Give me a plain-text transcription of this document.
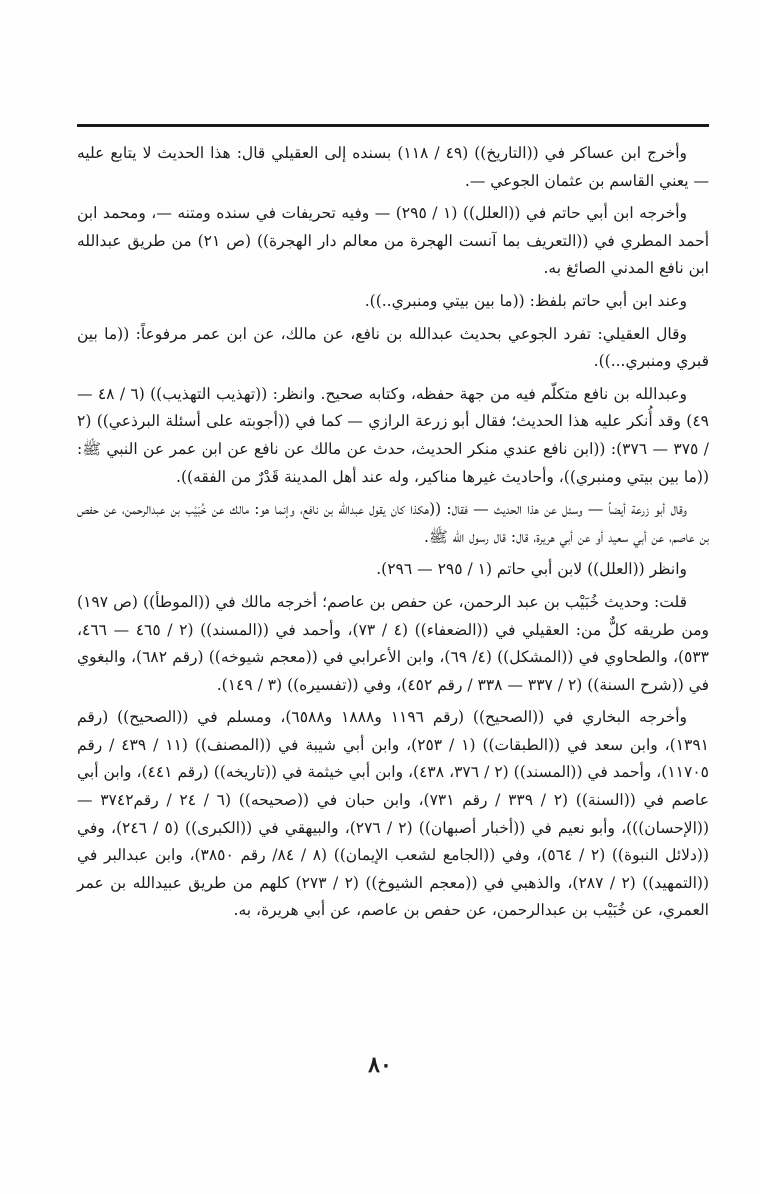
وأخرج ابن عساكر في ((التاريخ)) (٤٩ / ١١٨) بسنده إلى العقيلي قال: هذا الحديث لا يتابع عليه — يعني القاسم بن عثمان الجوعي —.

وأخرجه ابن أبي حاتم في ((العلل)) (١ / ٢٩٥) — وفيه تحريفات في سنده ومتنه —، ومحمد ابن أحمد المطري في ((التعريف بما آنست الهجرة من معالم دار الهجرة)) (ص ٢١) من طريق عبدالله ابن نافع المدني الصائغ به.

وعند ابن أبي حاتم بلفظ: ((ما بين بيتي ومنبري..)).

وقال العقيلي: تفرد الجوعي بحديث عبدالله بن نافع، عن مالك، عن ابن عمر مرفوعاً: ((ما بين قبري ومنبري...)).

وعبدالله بن نافع متكلّم فيه من جهة حفظه، وكتابه صحيح. وانظر: ((تهذيب التهذيب)) (٦ / ٤٨ — ٤٩) وقد أُنكر عليه هذا الحديث؛ فقال أبو زرعة الرازي — كما في ((أجوبته على أسئلة البرذعي)) (٢ / ٣٧٥ — ٣٧٦): ((ابن نافع عندي منكر الحديث، حدث عن مالك عن نافع عن ابن عمر عن النبي ﷺ: ((ما بين بيتي ومنبري))، وأحاديث غيرها مناكير، وله عند أهل المدينة قَدْرٌ من الفقه)).

وقال أبو زرعة أيضاً — وسئل عن هذا الحديث — فقال: ((هكذا كان يقول عبدالله بن نافع، وإنما هو: مالك عن خُبَيْب بن عبدالرحمن، عن حفص بن عاصم، عن أبي سعيد أو عن أبي هريرة، قال: قال رسول الله ﷺ.

وانظر ((العلل)) لابن أبي حاتم (١ / ٢٩٥ — ٢٩٦).

قلت: وحديث خُبَيْب بن عبد الرحمن، عن حفص بن عاصم؛ أخرجه مالك في ((الموطأ)) (ص ١٩٧) ومن طريقه كلٌّ من: العقيلي في ((الضعفاء)) (٤ / ٧٣)، وأحمد في ((المسند)) (٢ / ٤٦٥ — ٤٦٦، ٥٣٣)، والطحاوي في ((المشكل)) (٤/ ٦٩)، وابن الأعرابي في ((معجم شيوخه)) (رقم ٦٨٢)، والبغوي في ((شرح السنة)) (٢ / ٣٣٧ — ٣٣٨ / رقم ٤٥٢)، وفي ((تفسيره)) (٣ / ١٤٩).

وأخرجه البخاري في ((الصحيح)) (رقم ١١٩٦ و١٨٨٨ و٦٥٨٨)، ومسلم في ((الصحيح)) (رقم ١٣٩١)، وابن سعد في ((الطبقات)) (١ / ٢٥٣)، وابن أبي شيبة في ((المصنف)) (١١ / ٤٣٩ / رقم ١١٧٠٥)، وأحمد في ((المسند)) (٢ / ٣٧٦، ٤٣٨)، وابن أبي خيثمة في ((تاريخه)) (رقم ٤٤١)، وابن أبي عاصم في ((السنة)) (٢ / ٣٣٩ / رقم ٧٣١)، وابن حبان في ((صحيحه)) (٦ / ٢٤ / رقم٣٧٤٢ — ((الإحسان)))، وأبو نعيم في ((أخبار أصبهان)) (٢ / ٢٧٦)، والبيهقي في ((الكبرى)) (٥ / ٢٤٦)، وفي ((دلائل النبوة)) (٢ / ٥٦٤)، وفي ((الجامع لشعب الإيمان)) (٨ / ٨٤/ رقم ٣٨٥٠)، وابن عبدالبر في ((التمهيد)) (٢ / ٢٨٧)، والذهبي في ((معجم الشيوخ)) (٢ / ٢٧٣) كلهم من طريق عبيدالله بن عمر العمري، عن خُبَيْب بن عبدالرحمن، عن حفص بن عاصم، عن أبي هريرة، به.

٨٠
